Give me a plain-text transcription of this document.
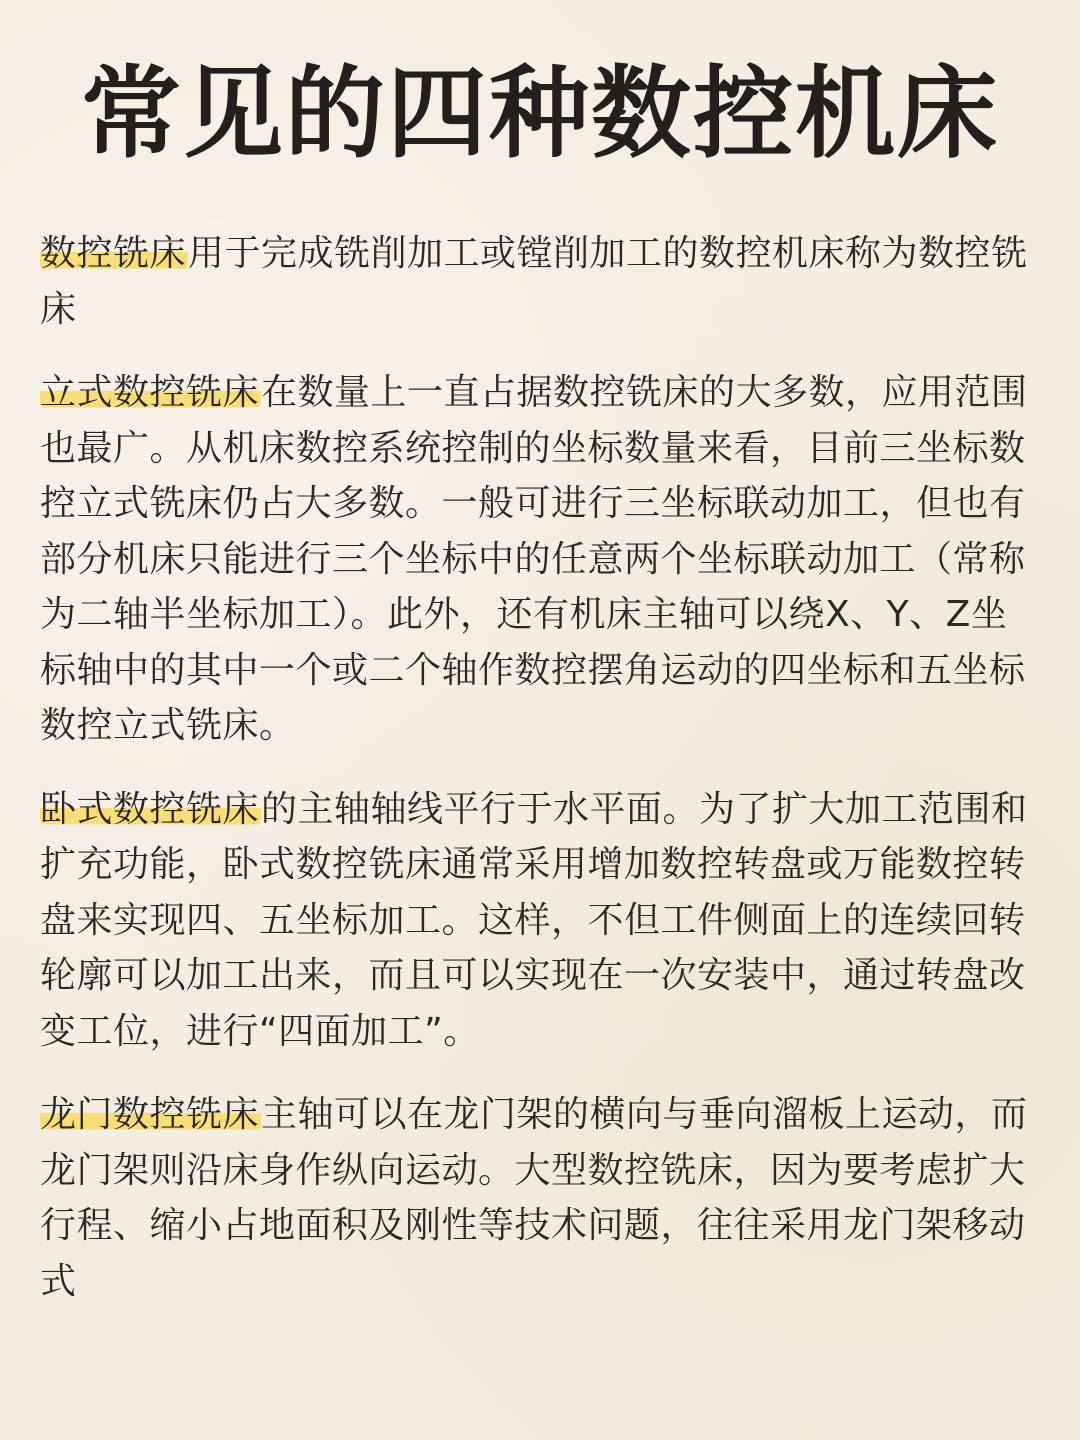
常见的四种数控机床

数控铣床用于完成铣削加工或镗削加工的数控机床称为数控铣床

立式数控铣床在数量上一直占据数控铣床的大多数，应用范围也最广。从机床数控系统控制的坐标数量来看，目前三坐标数控立式铣床仍占大多数。一般可进行三坐标联动加工，但也有部分机床只能进行三个坐标中的任意两个坐标联动加工（常称为二轴半坐标加工）。此外，还有机床主轴可以绕X、Y、Z坐标轴中的其中一个或二个轴作数控摆角运动的四坐标和五坐标数控立式铣床。

卧式数控铣床的主轴轴线平行于水平面。为了扩大加工范围和扩充功能，卧式数控铣床通常采用增加数控转盘或万能数控转盘来实现四、五坐标加工。这样，不但工件侧面上的连续回转轮廓可以加工出来，而且可以实现在一次安装中，通过转盘改变工位，进行“四面加工”。

龙门数控铣床主轴可以在龙门架的横向与垂向溜板上运动，而龙门架则沿床身作纵向运动。大型数控铣床，因为要考虑扩大行程、缩小占地面积及刚性等技术问题，往往采用龙门架移动式
